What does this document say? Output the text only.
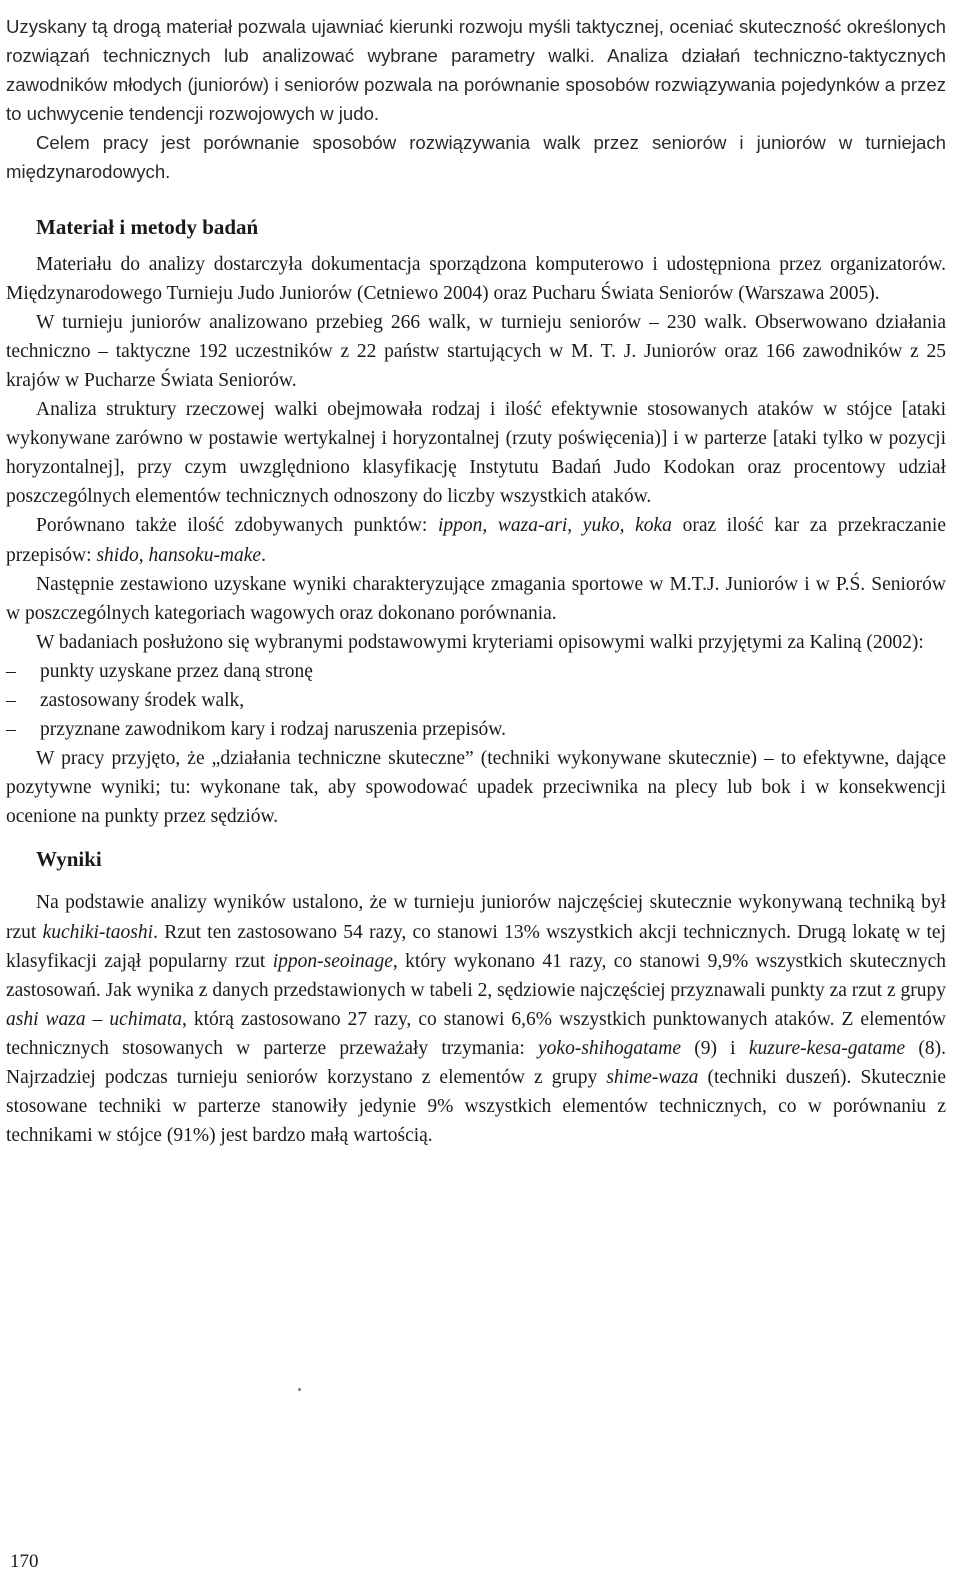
Uzyskany tą drogą materiał pozwala ujawniać kierunki rozwoju myśli taktycznej, oceniać skuteczność określonych rozwiązań technicznych lub analizować wybrane parametry walki. Analiza działań techniczno-taktycznych zawodników młodych (juniorów) i seniorów pozwala na porównanie sposobów rozwiązywania pojedynków a przez to uchwycenie tendencji rozwojowych w judo.

Celem pracy jest porównanie sposobów rozwiązywania walk przez seniorów i juniorów w turniejach międzynarodowych.

Materiał i metody badań

Materiału do analizy dostarczyła dokumentacja sporządzona komputerowo i udostępniona przez organizatorów. Międzynarodowego Turnieju Judo Juniorów (Cetniewo 2004) oraz Pucharu Świata Seniorów (Warszawa 2005).

W turnieju juniorów analizowano przebieg 266 walk, w turnieju seniorów – 230 walk. Obserwowano działania techniczno – taktyczne 192 uczestników z 22 państw startujących w M. T. J. Juniorów oraz 166 zawodników z 25 krajów w Pucharze Świata Seniorów.

Analiza struktury rzeczowej walki obejmowała rodzaj i ilość efektywnie stosowanych ataków w stójce [ataki wykonywane zarówno w postawie wertykalnej i horyzontalnej (rzuty poświęcenia)] i w parterze [ataki tylko w pozycji horyzontalnej], przy czym uwzględniono klasyfikację Instytutu Badań Judo Kodokan oraz procentowy udział poszczególnych elementów technicznych odnoszony do liczby wszystkich ataków.

Porównano także ilość zdobywanych punktów: ippon, waza-ari, yuko, koka oraz ilość kar za przekraczanie przepisów: shido, hansoku-make.

Następnie zestawiono uzyskane wyniki charakteryzujące zmagania sportowe w M.T.J. Juniorów i w P.Ś. Seniorów w poszczególnych kategoriach wagowych oraz dokonano porównania.

W badaniach posłużono się wybranymi podstawowymi kryteriami opisowymi walki przyjętymi za Kaliną (2002):

– punkty uzyskane przez daną stronę
– zastosowany środek walk,
– przyznane zawodnikom kary i rodzaj naruszenia przepisów.

W pracy przyjęto, że „działania techniczne skuteczne” (techniki wykonywane skutecznie) – to efektywne, dające pozytywne wyniki; tu: wykonane tak, aby spowodować upadek przeciwnika na plecy lub bok i w konsekwencji ocenione na punkty przez sędziów.

Wyniki

Na podstawie analizy wyników ustalono, że w turnieju juniorów najczęściej skutecznie wykonywaną techniką był rzut kuchiki-taoshi. Rzut ten zastosowano 54 razy, co stanowi 13% wszystkich akcji technicznych. Drugą lokatę w tej klasyfikacji zajął popularny rzut ippon-seoinage, który wykonano 41 razy, co stanowi 9,9% wszystkich skutecznych zastosowań. Jak wynika z danych przedstawionych w tabeli 2, sędziowie najczęściej przyznawali punkty za rzut z grupy ashi waza – uchimata, którą zastosowano 27 razy, co stanowi 6,6% wszystkich punktowanych ataków. Z elementów technicznych stosowanych w parterze przeważały trzymania: yoko-shihogatame (9) i kuzure-kesa-gatame (8). Najrzadziej podczas turnieju seniorów korzystano z elementów z grupy shime-waza (techniki duszeń). Skutecznie stosowane techniki w parterze stanowiły jedynie 9% wszystkich elementów technicznych, co w porównaniu z technikami w stójce (91%) jest bardzo małą wartością.

170
